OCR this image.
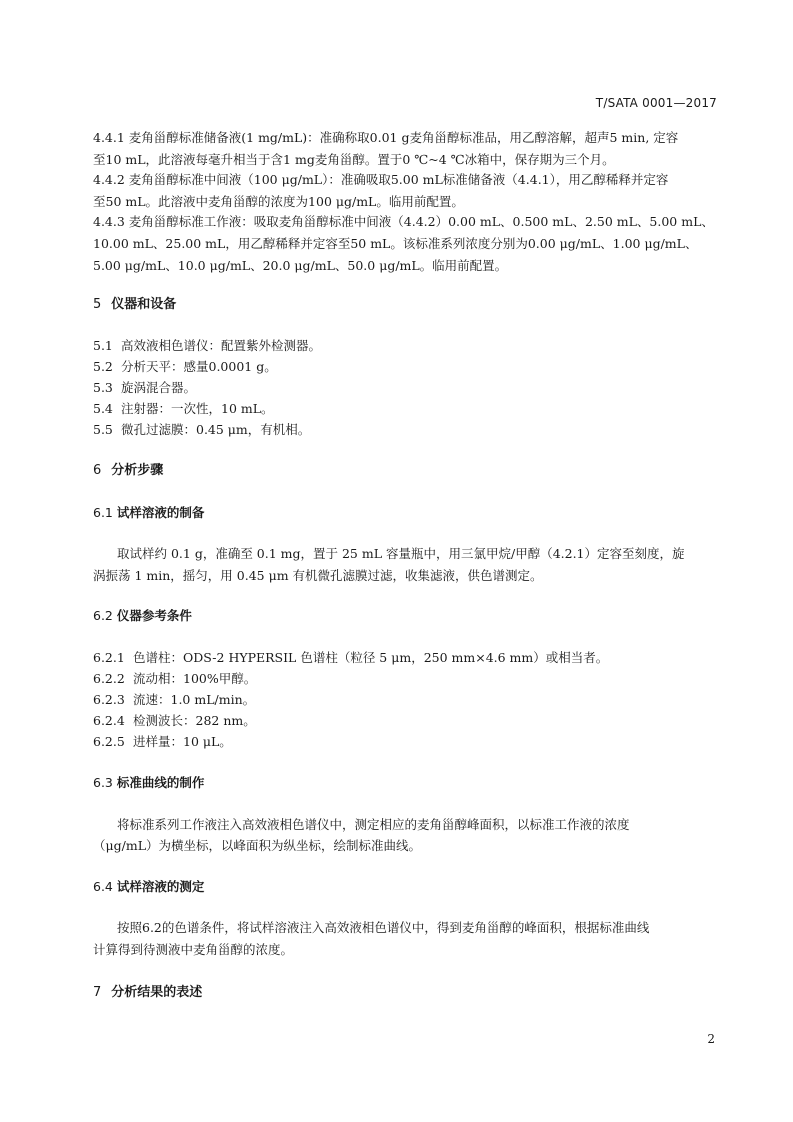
T/SATA 0001—2017
4.4.1 麦角甾醇标准储备液(1 mg/mL)：准确称取0.01 g麦角甾醇标准品，用乙醇溶解，超声5 min, 定容
至10 mL，此溶液每毫升相当于含1 mg麦角甾醇。置于0 ℃~4 ℃冰箱中，保存期为三个月。
4.4.2 麦角甾醇标准中间液（100 μg/mL）：准确吸取5.00 mL标准储备液（4.4.1），用乙醇稀释并定容
至50 mL。此溶液中麦角甾醇的浓度为100 μg/mL。临用前配置。
4.4.3 麦角甾醇标准工作液：吸取麦角甾醇标准中间液（4.4.2）0.00 mL、0.500 mL、2.50 mL、5.00 mL、
10.00 mL、25.00 mL，用乙醇稀释并定容至50 mL。该标准系列浓度分别为0.00 μg/mL、1.00 μg/mL、
5.00 μg/mL、10.0 μg/mL、20.0 μg/mL、50.0 μg/mL。临用前配置。
5 仪器和设备
5.1 高效液相色谱仪：配置紫外检测器。
5.2 分析天平：感量0.0001 g。
5.3 旋涡混合器。
5.4 注射器：一次性，10 mL。
5.5 微孔过滤膜：0.45 μm，有机相。
6 分析步骤
6.1 试样溶液的制备
取试样约 0.1 g，准确至 0.1 mg，置于 25 mL 容量瓶中，用三氯甲烷/甲醇（4.2.1）定容至刻度，旋
涡振荡 1 min，摇匀，用 0.45 μm 有机微孔滤膜过滤，收集滤液，供色谱测定。
6.2 仪器参考条件
6.2.1 色谱柱：ODS-2 HYPERSIL 色谱柱（粒径 5 μm，250 mm×4.6 mm）或相当者。
6.2.2 流动相：100%甲醇。
6.2.3 流速：1.0 mL/min。
6.2.4 检测波长：282 nm。
6.2.5 进样量：10 μL。
6.3 标准曲线的制作
将标准系列工作液注入高效液相色谱仪中，测定相应的麦角甾醇峰面积，以标准工作液的浓度
（μg/mL）为横坐标，以峰面积为纵坐标，绘制标准曲线。
6.4 试样溶液的测定
按照6.2的色谱条件，将试样溶液注入高效液相色谱仪中，得到麦角甾醇的峰面积，根据标准曲线
计算得到待测液中麦角甾醇的浓度。
7 分析结果的表述
2
